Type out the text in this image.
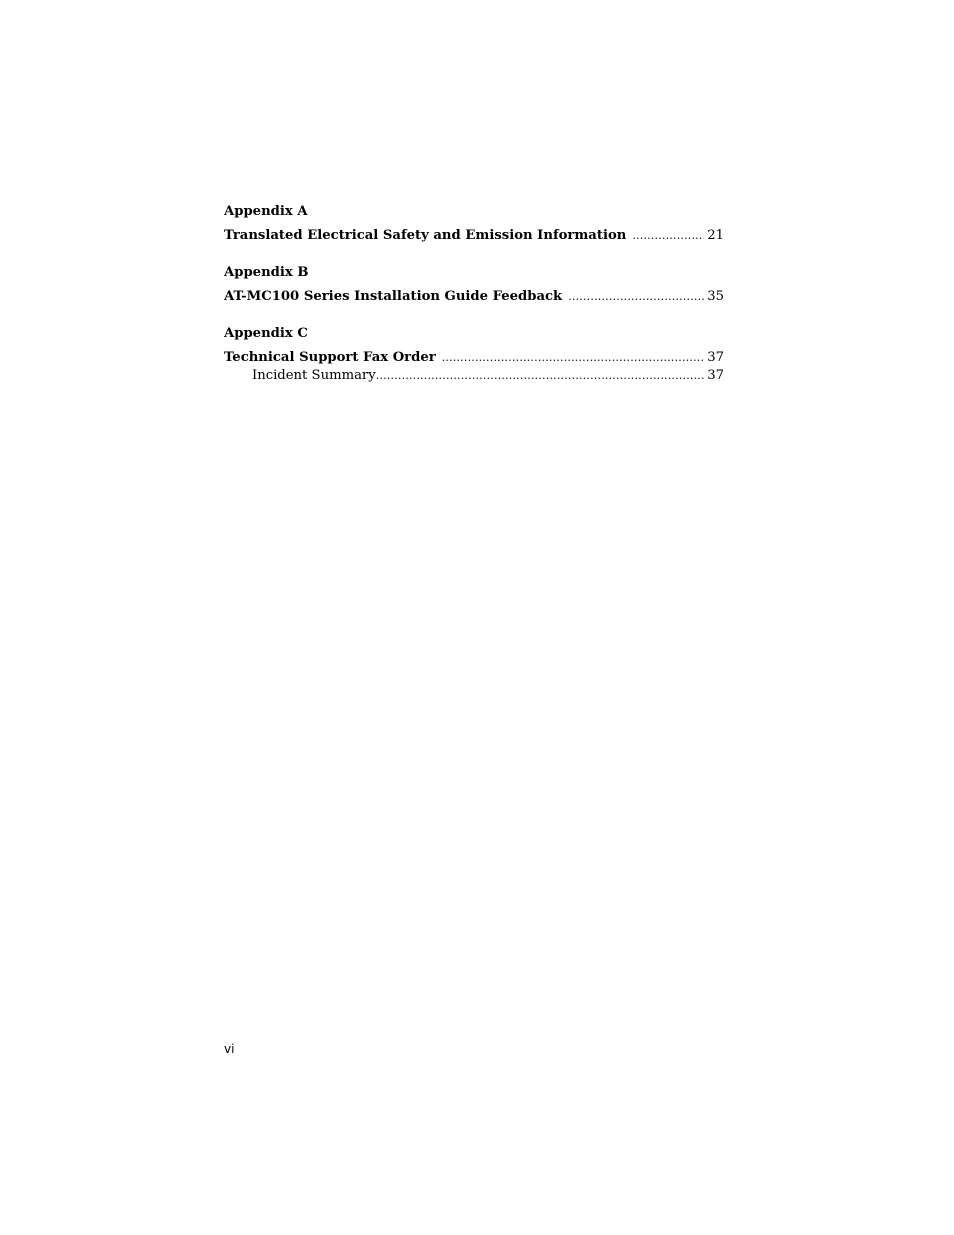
Appendix A
Translated Electrical Safety and Emission Information .....	21
Appendix B
AT-MC100 Series Installation Guide Feedback .....	35
Appendix C
Technical Support Fax Order .....	37
Incident Summary .....	37
vi
